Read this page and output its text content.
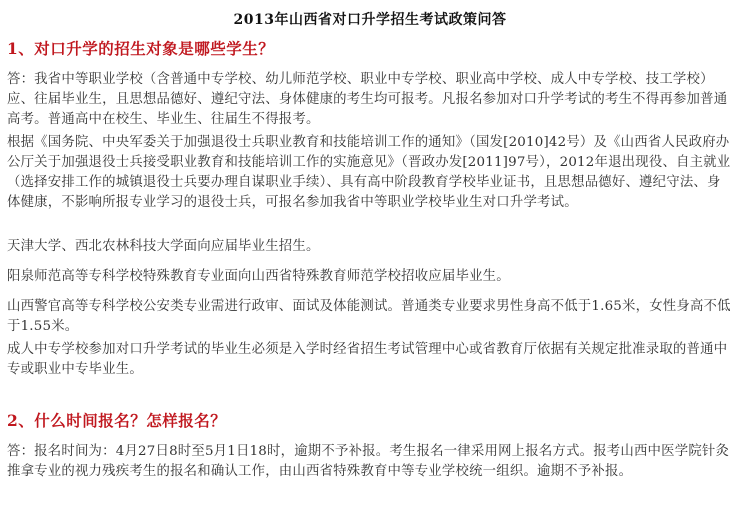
2013年山西省对口升学招生考试政策问答
1、对口升学的招生对象是哪些学生？
答：我省中等职业学校（含普通中专学校、幼儿师范学校、职业中专学校、职业高中学校、成人中专学校、技工学校）应、往届毕业生，且思想品德好、遵纪守法、身体健康的考生均可报考。凡报名参加对口升学考试的考生不得再参加普通高考。普通高中在校生、毕业生、往届生不得报考。
根据《国务院、中央军委关于加强退役士兵职业教育和技能培训工作的通知》（国发[2010]42号）及《山西省人民政府办公厅关于加强退役士兵接受职业教育和技能培训工作的实施意见》（晋政办发[2011]97号），2012年退出现役、自主就业（选择安排工作的城镇退役士兵要办理自谋职业手续）、具有高中阶段教育学校毕业证书，且思想品德好、遵纪守法、身体健康，不影响所报专业学习的退役士兵，可报名参加我省中等职业学校毕业生对口升学考试。
天津大学、西北农林科技大学面向应届毕业生招生。
阳泉师范高等专科学校特殊教育专业面向山西省特殊教育师范学校招收应届毕业生。
山西警官高等专科学校公安类专业需进行政审、面试及体能测试。普通类专业要求男性身高不低于1.65米，女性身高不低于1.55米。
成人中专学校参加对口升学考试的毕业生必须是入学时经省招生考试管理中心或省教育厅依据有关规定批准录取的普通中专或职业中专毕业生。
2、什么时间报名？怎样报名？
答：报名时间为：4月27日8时至5月1日18时，逾期不予补报。考生报名一律采用网上报名方式。报考山西中医学院针灸推拿专业的视力残疾考生的报名和确认工作，由山西省特殊教育中等专业学校统一组织。逾期不予补报。
